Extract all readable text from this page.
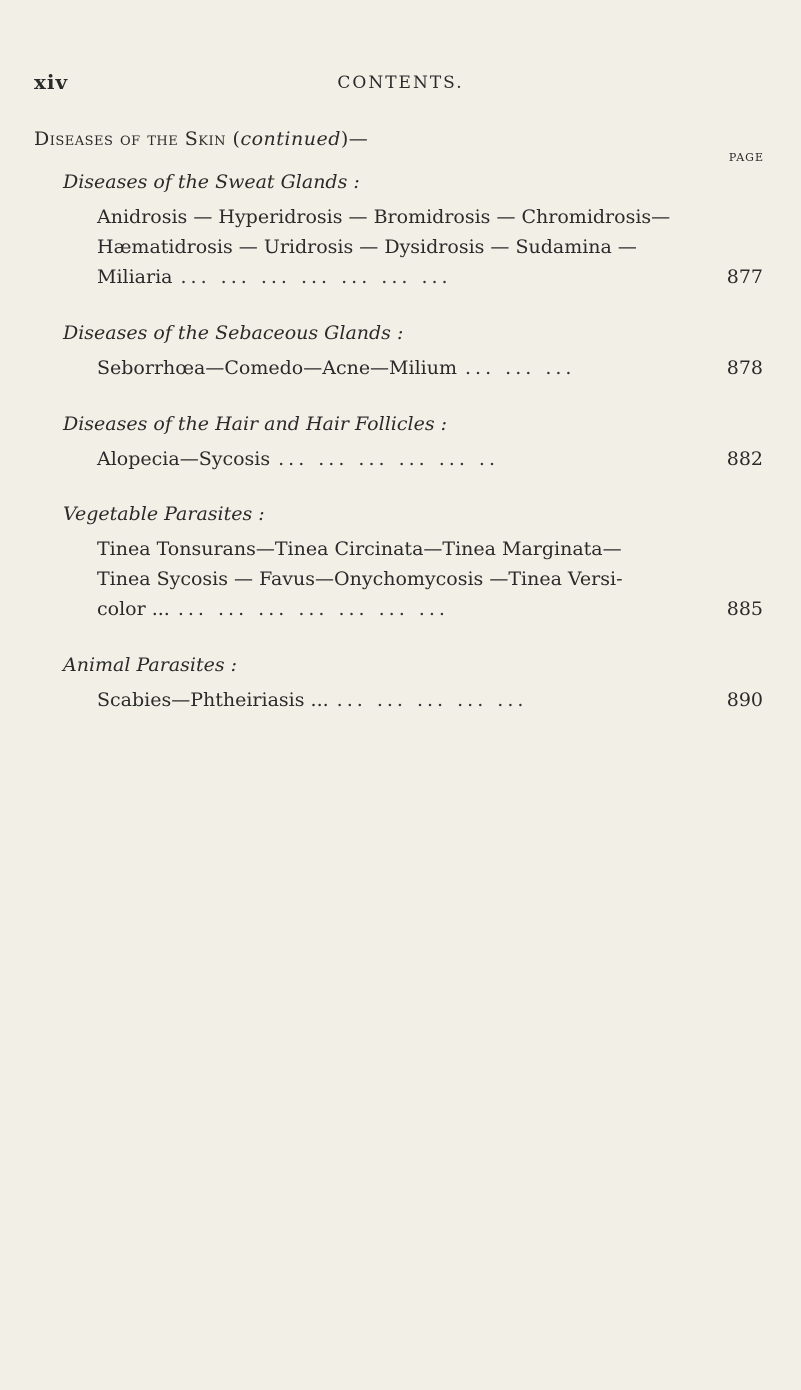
xiv	CONTENTS.
Diseases of the Skin (continued)—
PAGE
Diseases of the Sweat Glands :
Anidrosis — Hyperidrosis — Bromidrosis — Chromidrosis—
Hæmatidrosis — Uridrosis — Dysidrosis — Sudamina —
Miliaria ... ... ... ... ... ... ...	877
Diseases of the Sebaceous Glands :
Seborrhœa—Comedo—Acne—Milium ... ... ...	878
Diseases of the Hair and Hair Follicles :
Alopecia—Sycosis ... ... ... ... ... ..	882
Vegetable Parasites :
Tinea Tonsurans—Tinea Circinata—Tinea Marginata—
Tinea Sycosis — Favus—Onychomycosis —Tinea Versi-
color ... ... ... ... ... ... ... ...	885
Animal Parasites :
Scabies—Phtheiriasis ... ... ... ... ... ...	890
